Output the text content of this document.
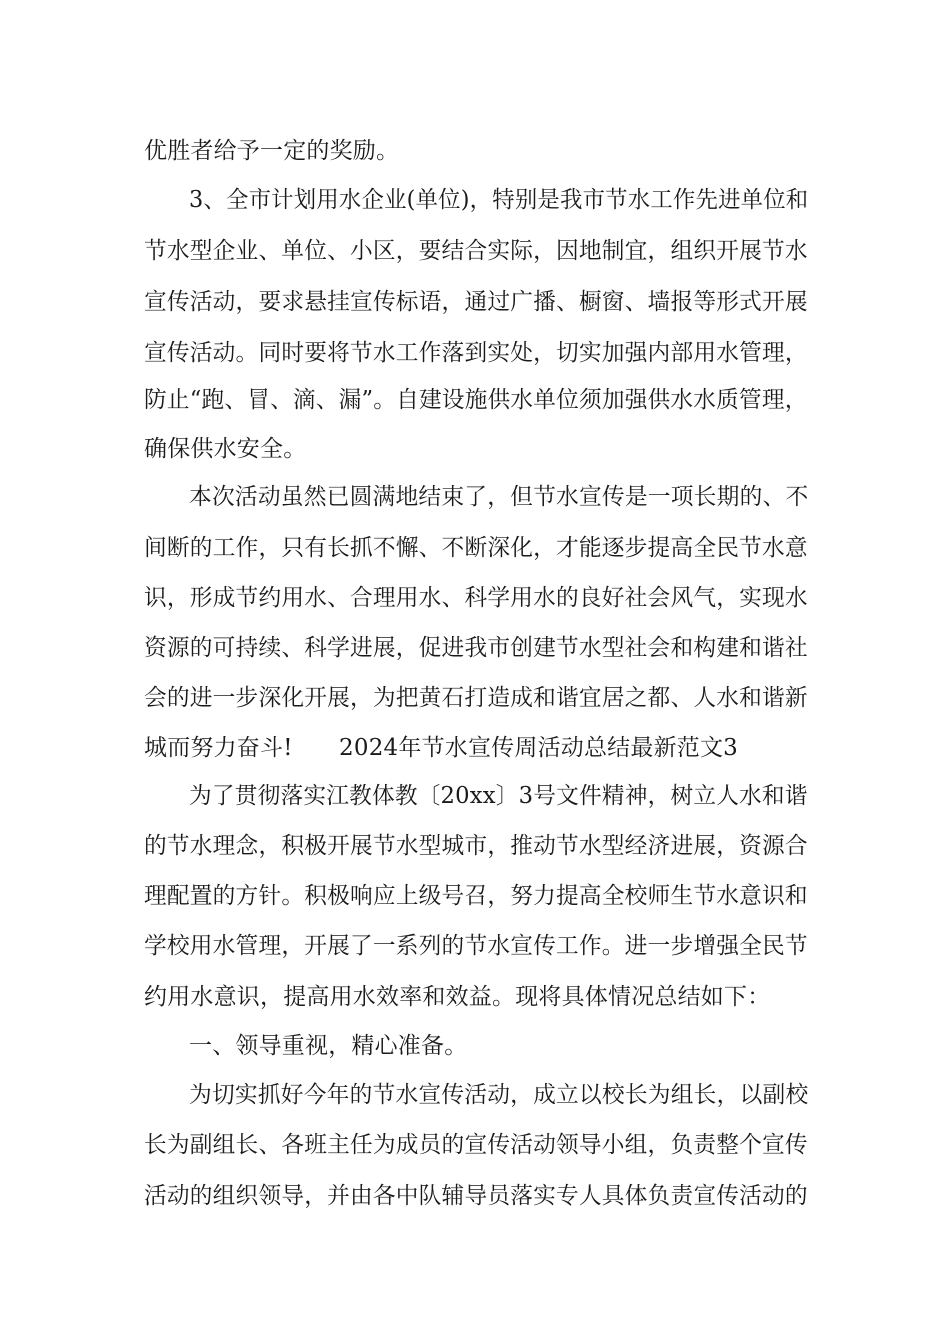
优胜者给予一定的奖励。
3、全市计划用水企业(单位)，特别是我市节水工作先进单位和
节水型企业、单位、小区，要结合实际，因地制宜，组织开展节水
宣传活动，要求悬挂宣传标语，通过广播、橱窗、墙报等形式开展
宣传活动。同时要将节水工作落到实处，切实加强内部用水管理，
防止“跑、冒、滴、漏”。自建设施供水单位须加强供水水质管理，
确保供水安全。
本次活动虽然已圆满地结束了，但节水宣传是一项长期的、不
间断的工作，只有长抓不懈、不断深化，才能逐步提高全民节水意
识，形成节约用水、合理用水、科学用水的良好社会风气，实现水
资源的可持续、科学进展，促进我市创建节水型社会和构建和谐社
会的进一步深化开展，为把黄石打造成和谐宜居之都、人水和谐新
城而努力奋斗!　　2024年节水宣传周活动总结最新范文3
为了贯彻落实江教体教〔20xx〕3号文件精神，树立人水和谐
的节水理念，积极开展节水型城市，推动节水型经济进展，资源合
理配置的方针。积极响应上级号召，努力提高全校师生节水意识和
学校用水管理，开展了一系列的节水宣传工作。进一步增强全民节
约用水意识，提高用水效率和效益。现将具体情况总结如下：
一、领导重视，精心准备。
为切实抓好今年的节水宣传活动，成立以校长为组长，以副校
长为副组长、各班主任为成员的宣传活动领导小组，负责整个宣传
活动的组织领导，并由各中队辅导员落实专人具体负责宣传活动的
